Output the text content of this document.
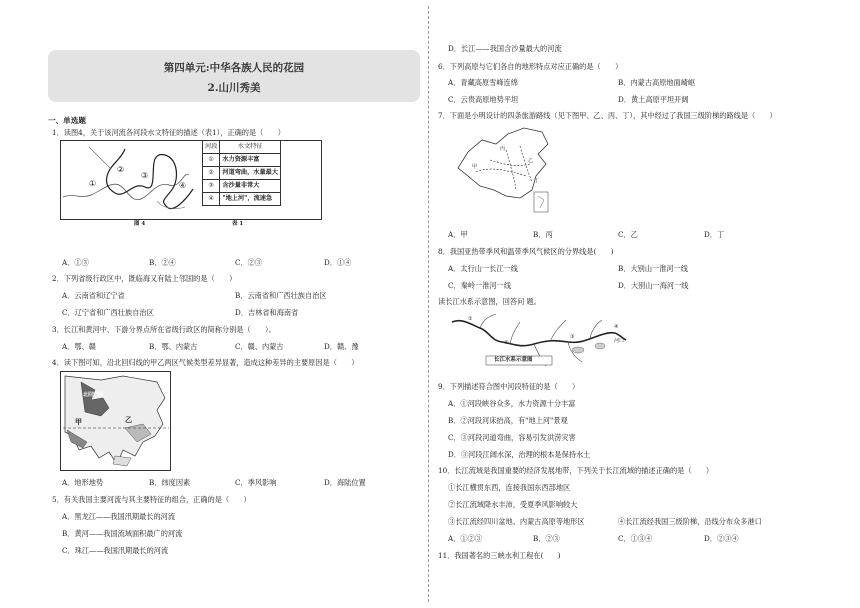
第四单元:中华各族人民的花园
2.山川秀美
一、单选题
1．读图4，关于该河流各河段水文特征的描述（表1），正确的是（　　）
①
②
③
④
河段	水文特征
①	水力资源丰富
②	河道弯曲，水量最大
③	含沙量非常大
④	"地上河"，流速急
图 4	表 1
A．①③	B．②④	C．②③	D．①④
2．下列省级行政区中，既临海又有陆上邻国的是（　　）
A．云南省和辽宁省	B．云南省和广西壮族自治区
C．辽宁省和广西壮族自治区	D．吉林省和海南省
3．长江和黄河中、下游分界点所在省级行政区的简称分别是（　　）。
A．鄂、赣	B．鄂、内蒙古	C．赣、内蒙古	D．赣、豫
4．读下图可知，沿北回归线的甲乙两区气候类型差异显著，造成这种差异的主要原因是（　　）
北回归线
甲	乙
A．地形地势	B．纬度因素	C．季风影响	D．海陆位置
5．有关我国主要河流与其主要特征的组合，正确的是（　　）
A．黑龙江——我国汛期最长的河流
B．黄河——我国流域面积最广的河流
C．珠江——我国汛期最长的河流
D．长江——我国含沙量最大的河流
6．下列高原与它们各自的地形特点对应正确的是（　　）
A．青藏高原雪峰连绵	B．内蒙古高原地面崎岖
C．云贵高原地势平坦	D．黄土高原平坦开阔
7．下面是小明设计的四条旅游路线（见下图甲、乙、丙、丁），其中经过了我国三级阶梯的路线是（　　）
甲
乙
丙
丁
A．甲	B．丙	C．乙	D．丁
8．我国亚热带季风和温带季风气候区的分界线是(　　)
A．太行山一长江一线	B．大别山一淮河一线
C．秦岭一淮河一线	D．大别山一海河一线
读长江水系示意图，回答问 题。
①
②
③
④
河口
长江水系示意图
9．下列描述符合图中河段特征的是（　　）
A．①河段峡谷众多，水力资源十分丰富
B．②河段河床抬高，有"地上河"景观
C．③河段河道弯曲，容易引发洪涝灾害
D．③河段江阔水深，治理的根本是保持水土
10．长江流域是我国重要的经济发展地带，下列关于长江流域的描述正确的是（　　）
①长江横贯东西，连接我国东西部地区
②长江流域降水丰沛，受夏季风影响较大
③长江流经四川盆地、内蒙古高原等地形区	④长江流经我国三级阶梯，沿线分布众多港口
A．①②③	B．②③	C．①③④	D．②③④
11．我国著名的三峡水利工程在(　　)
